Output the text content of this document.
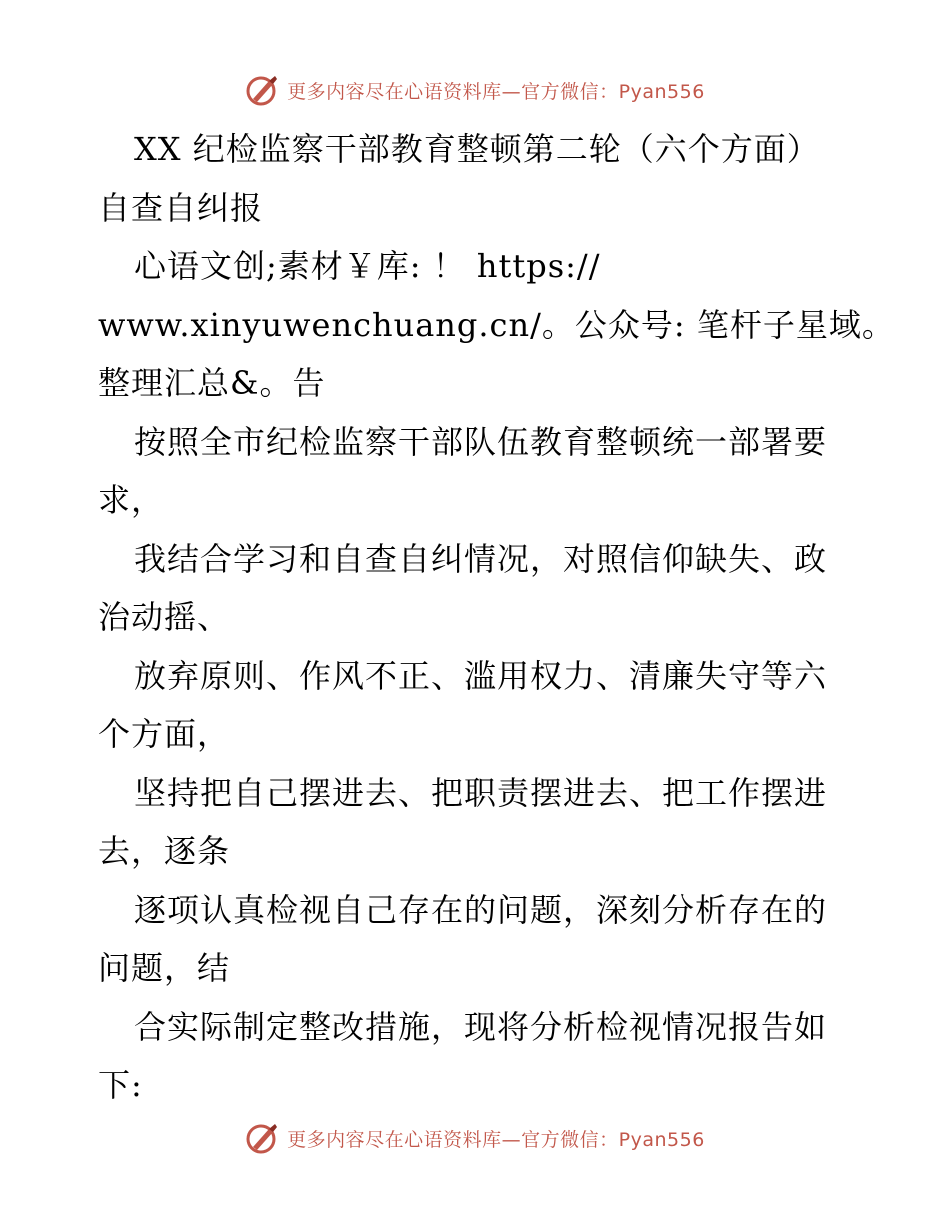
更多内容尽在心语资料库—官方微信：Pyan556
XX 纪检监察干部教育整顿第二轮（六个方面）
自查自纠报
心语文创;素材￥库: ！ https://
www.xinyuwenchuang.cn/。公众号: 笔杆子星域。
整理汇总&。告
按照全市纪检监察干部队伍教育整顿统一部署要
求，
我结合学习和自查自纠情况，对照信仰缺失、政
治动摇、
放弃原则、作风不正、滥用权力、清廉失守等六
个方面，
坚持把自己摆进去、把职责摆进去、把工作摆进
去，逐条
逐项认真检视自己存在的问题，深刻分析存在的
问题，结
合实际制定整改措施，现将分析检视情况报告如
下:
更多内容尽在心语资料库—官方微信：Pyan556
